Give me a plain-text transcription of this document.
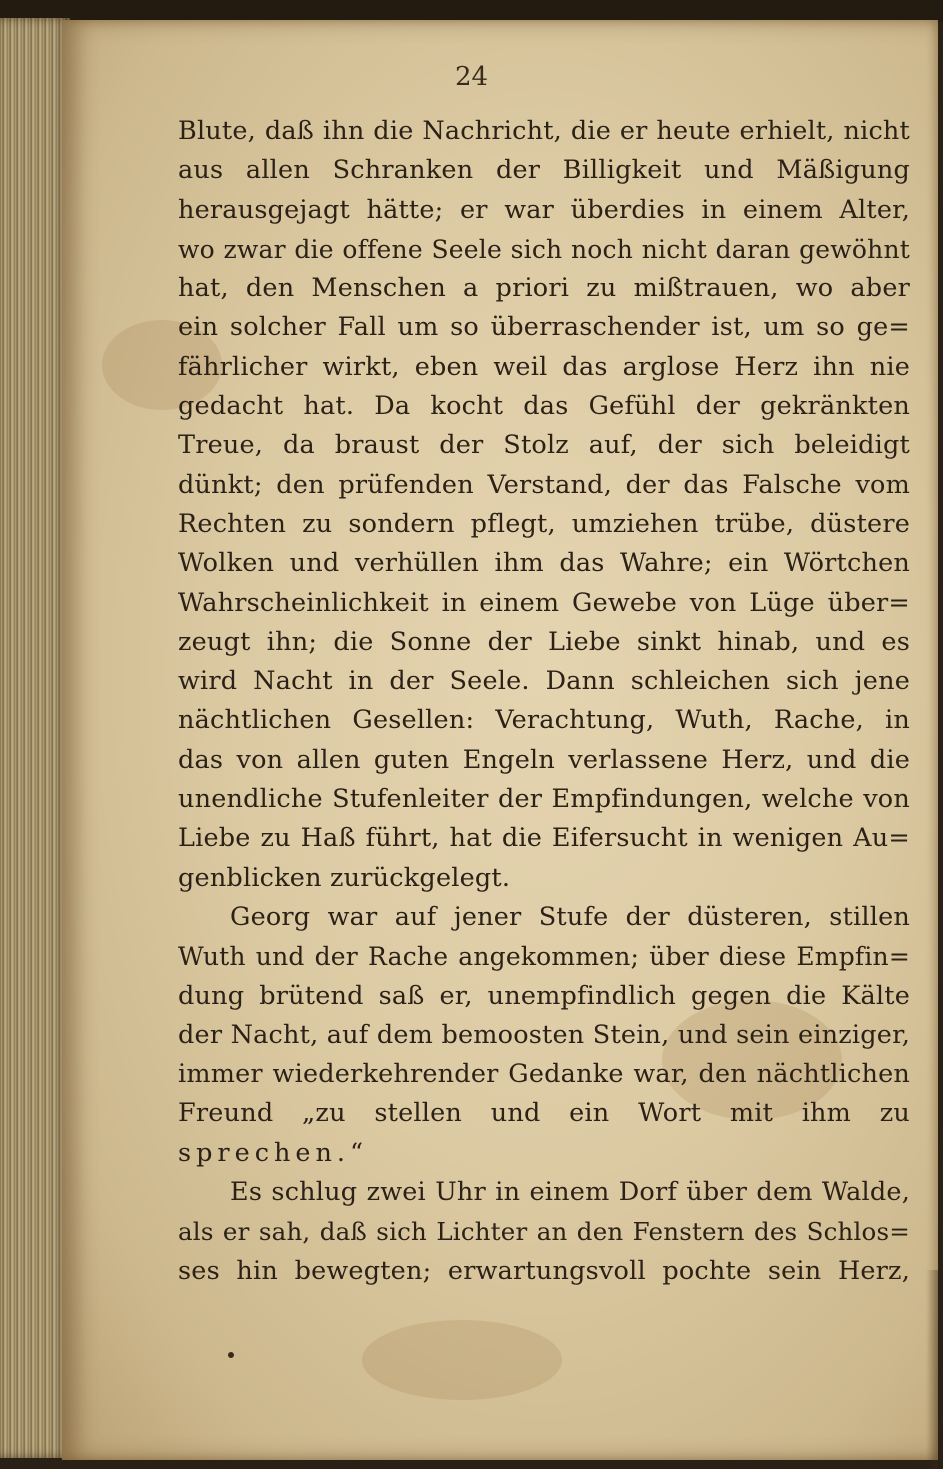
24
Blute, daß ihn die Nachricht, die er heute erhielt, nicht
aus allen Schranken der Billigkeit und Mäßigung
herausgejagt hätte; er war überdies in einem Alter,
wo zwar die offene Seele sich noch nicht daran gewöhnt
hat, den Menschen a priori zu mißtrauen, wo aber
ein solcher Fall um so überraschender ist, um so ge=
fährlicher wirkt, eben weil das arglose Herz ihn nie
gedacht hat. Da kocht das Gefühl der gekränkten
Treue, da braust der Stolz auf, der sich beleidigt
dünkt; den prüfenden Verstand, der das Falsche vom
Rechten zu sondern pflegt, umziehen trübe, düstere
Wolken und verhüllen ihm das Wahre; ein Wörtchen
Wahrscheinlichkeit in einem Gewebe von Lüge über=
zeugt ihn; die Sonne der Liebe sinkt hinab, und es
wird Nacht in der Seele. Dann schleichen sich jene
nächtlichen Gesellen: Verachtung, Wuth, Rache, in
das von allen guten Engeln verlassene Herz, und die
unendliche Stufenleiter der Empfindungen, welche von
Liebe zu Haß führt, hat die Eifersucht in wenigen Au=
genblicken zurückgelegt.
Georg war auf jener Stufe der düsteren, stillen
Wuth und der Rache angekommen; über diese Empfin=
dung brütend saß er, unempfindlich gegen die Kälte
der Nacht, auf dem bemoosten Stein, und sein einziger,
immer wiederkehrender Gedanke war, den nächtlichen
Freund „zu stellen und ein Wort mit ihm zu
sprechen.“
Es schlug zwei Uhr in einem Dorf über dem Walde,
als er sah, daß sich Lichter an den Fenstern des Schlos=
ses hin bewegten; erwartungsvoll pochte sein Herz,
